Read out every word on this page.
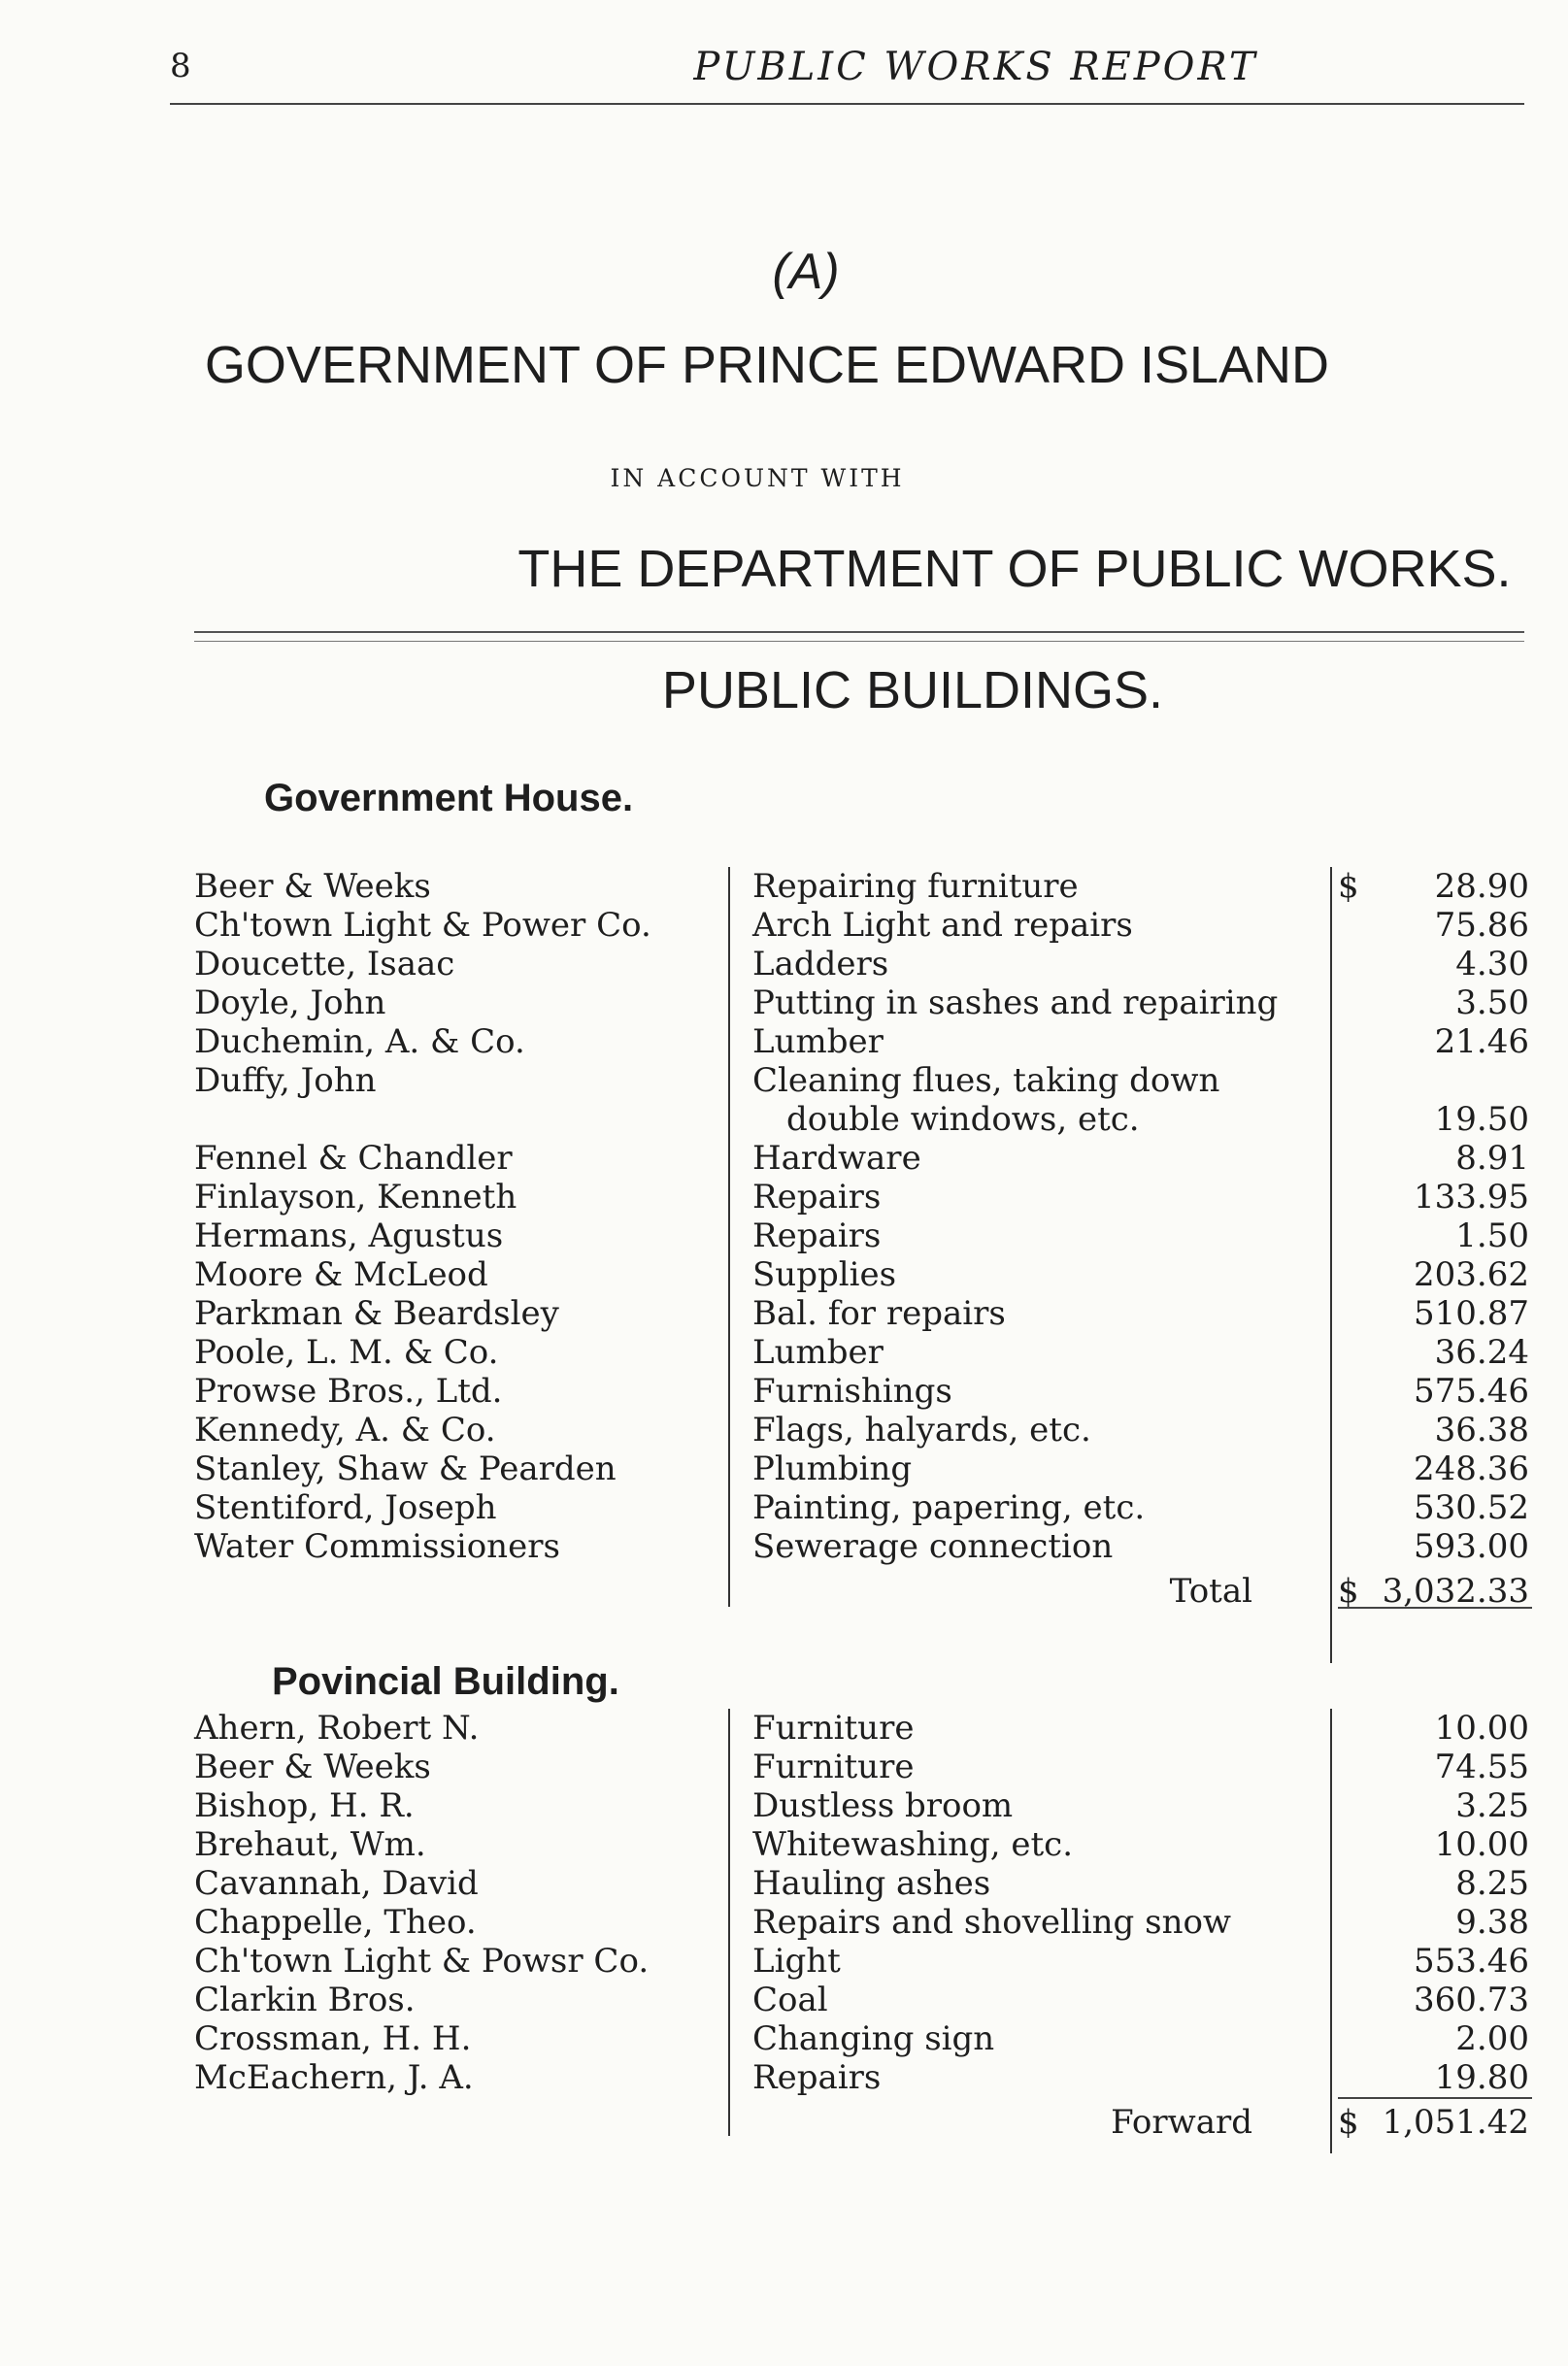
8	PUBLIC WORKS REPORT
(A)
GOVERNMENT OF PRINCE EDWARD ISLAND
IN ACCOUNT WITH
THE DEPARTMENT OF PUBLIC WORKS.
PUBLIC BUILDINGS.
Government House.
Beer & Weeks	Repairing furniture	$	28.90
Ch'town Light & Power Co.	Arch Light and repairs	75.86
Doucette, Isaac	Ladders	4.30
Doyle, John	Putting in sashes and repairing	3.50
Duchemin, A. & Co.	Lumber	21.46
Duffy, John	Cleaning flues, taking down
double windows, etc.	19.50
Fennel & Chandler	Hardware	8.91
Finlayson, Kenneth	Repairs	133.95
Hermans, Agustus	Repairs	1.50
Moore & McLeod	Supplies	203.62
Parkman & Beardsley	Bal. for repairs	510.87
Poole, L. M. & Co.	Lumber	36.24
Prowse Bros., Ltd.	Furnishings	575.46
Kennedy, A. & Co.	Flags, halyards, etc.	36.38
Stanley, Shaw & Pearden	Plumbing	248.36
Stentiford, Joseph	Painting, papering, etc.	530.52
Water Commissioners	Sewerage connection	593.00
Total	$ 3,032.33
Povincial Building.
Ahern, Robert N.	Furniture	10.00
Beer & Weeks	Furniture	74.55
Bishop, H. R.	Dustless broom	3.25
Brehaut, Wm.	Whitewashing, etc.	10.00
Cavannah, David	Hauling ashes	8.25
Chappelle, Theo.	Repairs and shovelling snow	9.38
Ch'town Light & Powsr Co.	Light	553.46
Clarkin Bros.	Coal	360.73
Crossman, H. H.	Changing sign	2.00
McEachern, J. A.	Repairs	19.80
Forward	$ 1,051.42
